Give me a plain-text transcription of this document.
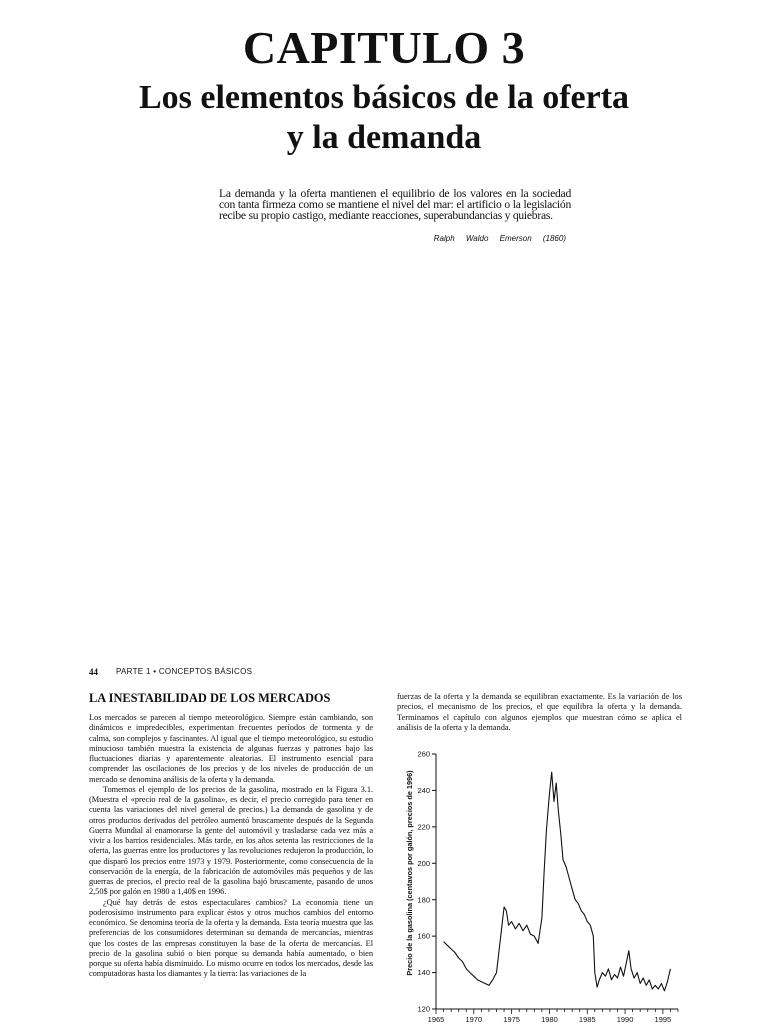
CAPITULO 3
Los elementos básicos de la oferta
y la demanda
La demanda y la oferta mantienen el equilibrio de los valores en la sociedad con tanta firmeza como se mantiene el nivel del mar: el artificio o la legislación recibe su propio castigo, mediante reacciones, superabundancias y quiebras.
Ralph Waldo Emerson (1860)
44 PARTE 1 • CONCEPTOS BÁSICOS
LA INESTABILIDAD DE LOS MERCADOS

Los mercados se parecen al tiempo meteorológico. Siempre están cambiando, son dinámicos e impredecibles, experimentan frecuentes períodos de tormenta y de calma, son complejos y fascinantes. Al igual que el tiempo meteorológico, su estudio minucioso también muestra la existencia de algunas fuerzas y patrones bajo las fluctuaciones diarias y aparentemente aleatorias. El instrumento esencial para comprender las oscilaciones de los precios y de los niveles de producción de un mercado se denomina análisis de la oferta y la demanda.

Tomemos el ejemplo de los precios de la gasolina, mostrado en la Figura 3.1. (Muestra el «precio real de la gasolina», es decir, el precio corregido para tener en cuenta las variaciones del nivel general de precios.) La demanda de gasolina y de otros productos derivados del petróleo aumentó bruscamente después de la Segunda Guerra Mundial al enamorarse la gente del automóvil y trasladarse cada vez más a vivir a los barrios residenciales. Más tarde, en los años setenta las restricciones de la oferta, las guerras entre los productores y las revoluciones redujeron la producción, lo que disparó los precios entre 1973 y 1979. Posteriormente, como consecuencia de la conservación de la energía, de la fabricación de automóviles más pequeños y de las guerras de precios, el precio real de la gasolina bajó bruscamente, pasando de unos 2,50$ por galón en 1980 a 1,40$ en 1996.

¿Qué hay detrás de estos espectaculares cambios? La economía tiene un poderosísimo instrumento para explicar éstos y otros muchos cambios del entorno económico. Se denomina teoría de la oferta y la demanda. Esta teoría muestra que las preferencias de los consumidores determinan su demanda de mercancías, mientras que los costes de las empresas constituyen la base de la oferta de mercancías. El precio de la gasolina subió o bien porque su demanda había aumentado, o bien porque su oferta había disminuido. Lo mismo ocurre en todos los mercados, desde las computadoras hasta los diamantes y la tierra: las variaciones de la

fuerzas de la oferta y la demanda se equilibran exactamente. Es la variación de los precios, el mecanismo de los precios, el que equilibra la oferta y la demanda. Terminamos el capítulo con algunos ejemplos que muestran cómo se aplica el análisis de la oferta y la demanda.

Precio de la gasolina (centavos por galón, precios de 1996)
120
140
160
180
200
220
240
260
1965	1970	1975	1980	1985	1990	1995
